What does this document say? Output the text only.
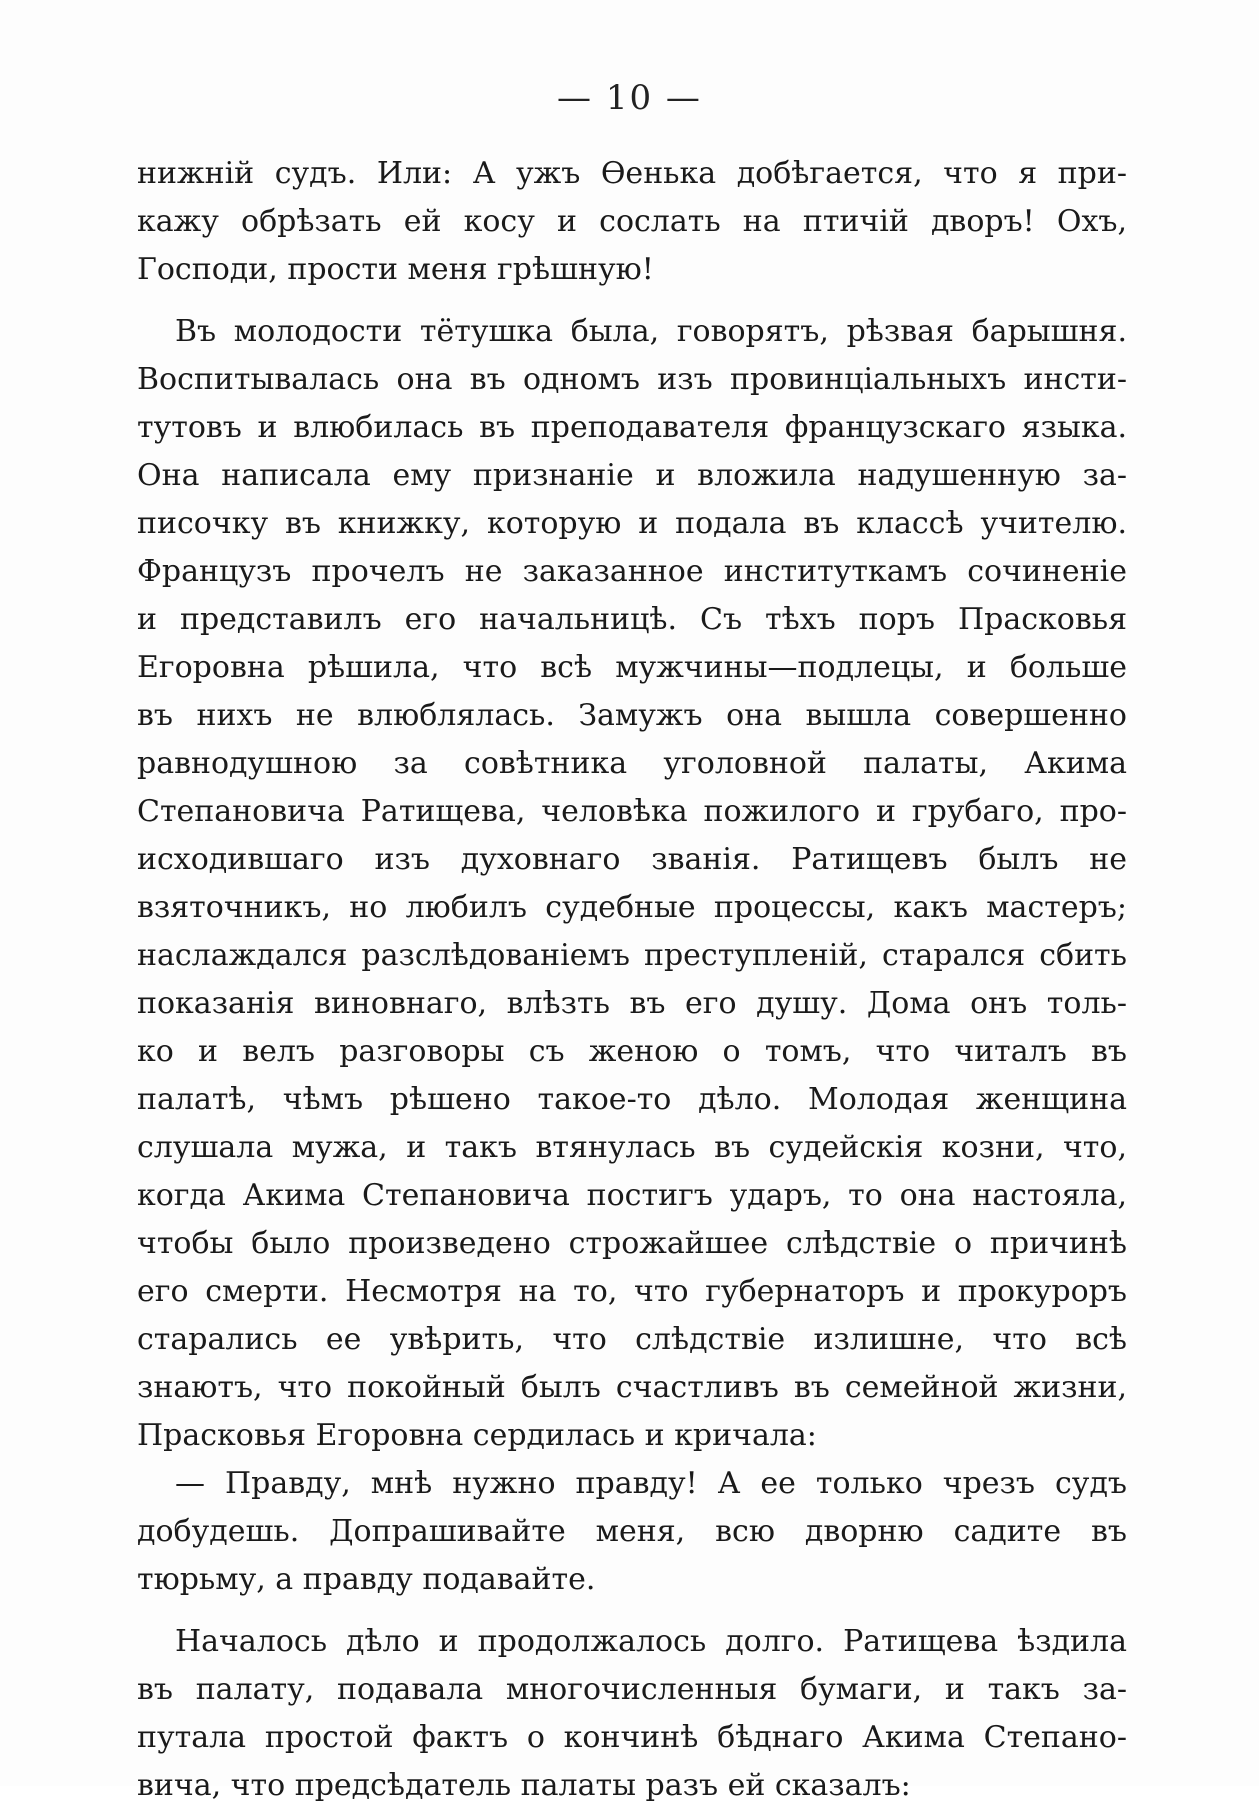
— 10 —
нижній судъ. Или: А ужъ Ѳенька добѣгается, что я при-
кажу обрѣзать ей косу и сослать на птичій дворъ! Охъ,
Господи, прости меня грѣшную!
Въ молодости тётушка была, говорятъ, рѣзвая барышня.
Воспитывалась она въ одномъ изъ провинціальныхъ инсти-
тутовъ и влюбилась въ преподавателя французскаго языка.
Она написала ему признаніе и вложила надушенную за-
писочку въ книжку, которую и подала въ классѣ учителю.
Французъ прочелъ не заказанное институткамъ сочиненіе
и представилъ его начальницѣ. Съ тѣхъ поръ Прасковья
Егоровна рѣшила, что всѣ мужчины—подлецы, и больше
въ нихъ не влюблялась. Замужъ она вышла совершенно
равнодушною за совѣтника уголовной палаты, Акима
Степановича Ратищева, человѣка пожилого и грубаго, про-
исходившаго изъ духовнаго званія. Ратищевъ былъ не
взяточникъ, но любилъ судебные процессы, какъ мастеръ;
наслаждался разслѣдованіемъ преступленій, старался сбить
показанія виновнаго, влѣзть въ его душу. Дома онъ толь-
ко и велъ разговоры съ женою о томъ, что читалъ въ
палатѣ, чѣмъ рѣшено такое-то дѣло. Молодая женщина
слушала мужа, и такъ втянулась въ судейскія козни, что,
когда Акима Степановича постигъ ударъ, то она настояла,
чтобы было произведено строжайшее слѣдствіе о причинѣ
его смерти. Несмотря на то, что губернаторъ и прокуроръ
старались ее увѣрить, что слѣдствіе излишне, что всѣ
знаютъ, что покойный былъ счастливъ въ семейной жизни,
Прасковья Егоровна сердилась и кричала:
— Правду, мнѣ нужно правду! А ее только чрезъ судъ
добудешь. Допрашивайте меня, всю дворню садите въ
тюрьму, а правду подавайте.
Началось дѣло и продолжалось долго. Ратищева ѣздила
въ палату, подавала многочисленныя бумаги, и такъ за-
путала простой фактъ о кончинѣ бѣднаго Акима Степано-
вича, что предсѣдатель палаты разъ ей сказалъ:
